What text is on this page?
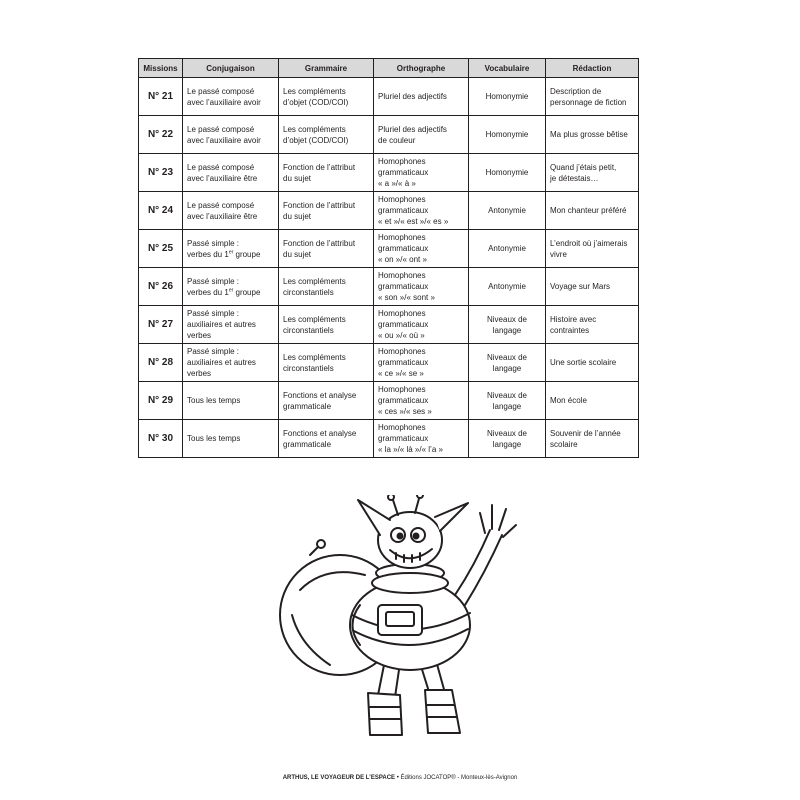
Missions	Conjugaison	Grammaire	Orthographe	Vocabulaire	Rédaction
N° 21	Le passé composé
avec l’auxiliaire avoir	Les compléments
d’objet (COD/COI)	Pluriel des adjectifs	Homonymie	Description de
personnage de fiction

N° 22	Le passé composé
avec l’auxiliaire avoir	Les compléments
d’objet (COD/COI)	Pluriel des adjectifs
de couleur	Homonymie	Ma plus grosse bêtise

N° 23	Le passé composé
avec l’auxiliaire être	Fonction de l’attribut
du sujet	Homophones
grammaticaux
« a »/« à »	Homonymie	Quand j’étais petit,
je détestais…

N° 24	Le passé composé
avec l’auxiliaire être	Fonction de l’attribut
du sujet	Homophones
grammaticaux
« et »/« est »/« es »	Antonymie	Mon chanteur préféré

N° 25	Passé simple :
verbes du 1er groupe	Fonction de l’attribut
du sujet	Homophones
grammaticaux
« on »/« ont »	Antonymie	L’endroit où j’aimerais
vivre

N° 26	Passé simple :
verbes du 1er groupe	Les compléments
circonstantiels	Homophones
grammaticaux
« son »/« sont »	Antonymie	Voyage sur Mars

N° 27	Passé simple :
auxiliaires et autres
verbes	Les compléments
circonstantiels	Homophones
grammaticaux
« ou »/« où »	Niveaux de
langage	Histoire avec
contraintes

N° 28	Passé simple :
auxiliaires et autres
verbes	Les compléments
circonstantiels	Homophones
grammaticaux
« ce »/« se »	Niveaux de
langage	Une sortie scolaire

N° 29	Tous les temps	Fonctions et analyse
grammaticale	Homophones
grammaticaux
« ces »/« ses »	Niveaux de
langage	Mon école

N° 30	Tous les temps	Fonctions et analyse
grammaticale	Homophones
grammaticaux
« la »/« là »/« l’a »	Niveaux de
langage	Souvenir de l’année
scolaire
ARTHUS, LE VOYAGEUR DE L’ESPACE • Éditions JOCATOP® - Monteux-lès-Avignon
